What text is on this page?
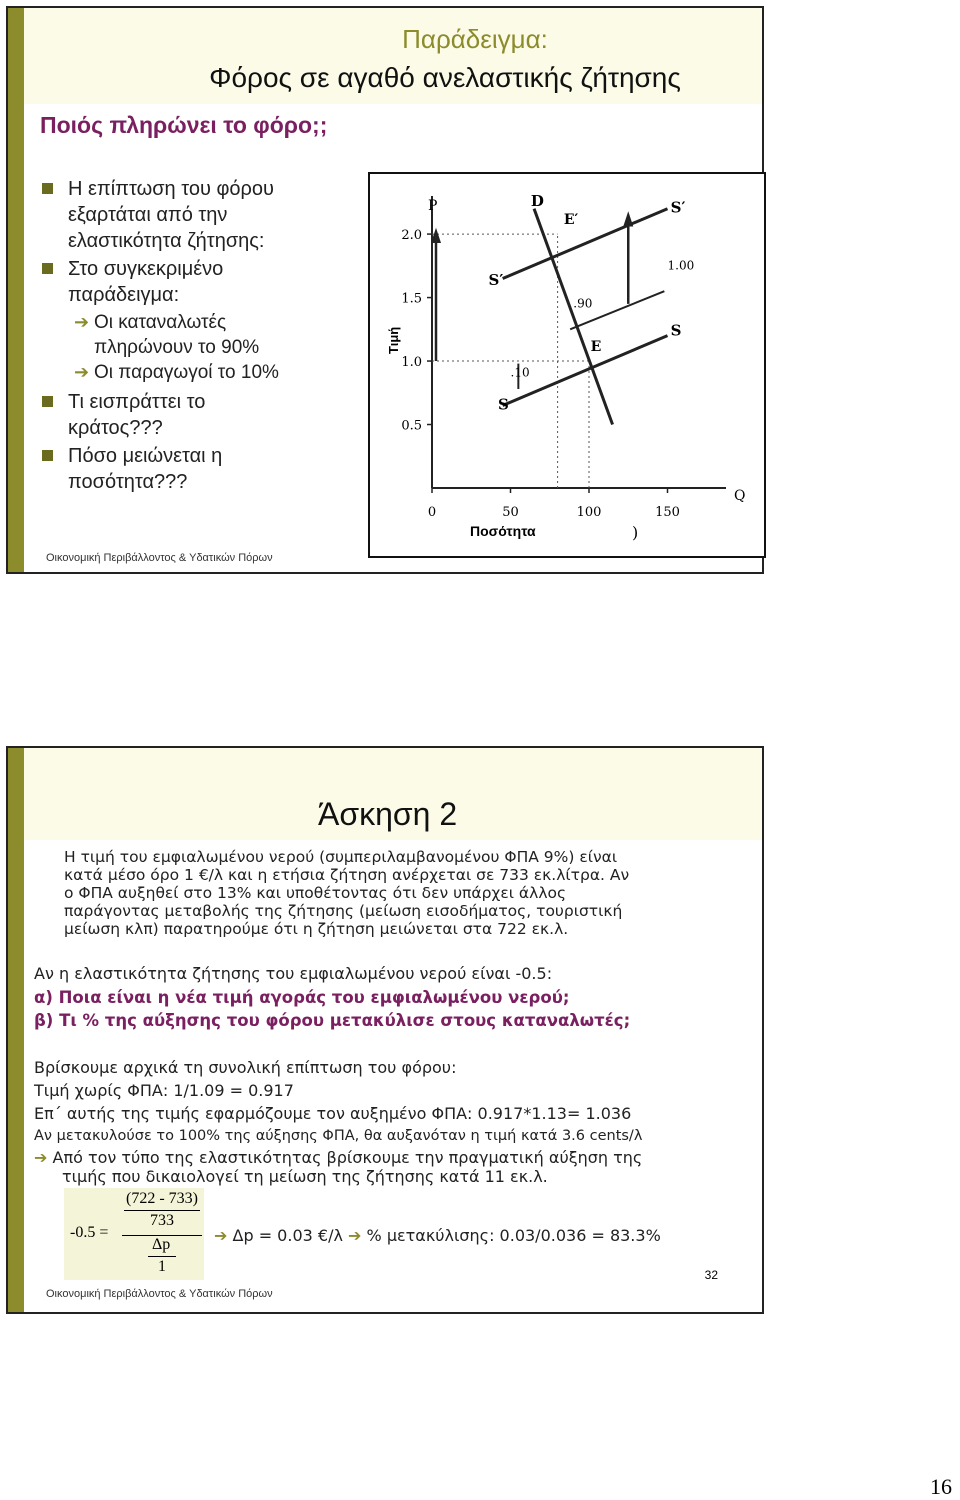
Παράδειγμα:
Φόρος σε αγαθό ανελαστικής ζήτησης
Ποιός πληρώνει το φόρο;;
Η επίπτωση του φόρου
εξαρτάται από την
ελαστικότητα ζήτησης:
Στο συγκεκριμένο
παράδειγμα:
➔ Οι καταναλωτές
πληρώνουν το 90%
➔ Οι παραγωγοί το 10%
Τι εισπράττει το
κράτος???
Πόσο μειώνεται η
ποσότητα???
Τιμή
Ποσότητα	)
P
Q
0	50	100	150
0.5
1.0
1.5
2.0
D
S
S
S′
S′
E
E′
.90
.10
1.00
Οικονομική Περιβάλλοντος & Υδατικών Πόρων
Άσκηση 2
Η τιμή του εμφιαλωμένου νερού (συμπεριλαμβανομένου ΦΠΑ 9%) είναι
κατά μέσο όρο 1 €/λ και η ετήσια ζήτηση ανέρχεται σε 733 εκ.λίτρα. Αν
ο ΦΠΑ αυξηθεί στο 13% και υποθέτοντας ότι δεν υπάρχει άλλος
παράγοντας μεταβολής της ζήτησης (μείωση εισοδήματος, τουριστική
μείωση κλπ) παρατηρούμε ότι η ζήτηση μειώνεται στα 722 εκ.λ.
Αν η ελαστικότητα ζήτησης του εμφιαλωμένου νερού είναι -0.5:
α) Ποια είναι η νέα τιμή αγοράς του εμφιαλωμένου νερού;
β) Τι % της αύξησης του φόρου μετακύλισε στους καταναλωτές;
Βρίσκουμε αρχικά τη συνολική επίπτωση του φόρου:
Τιμή χωρίς ΦΠΑ: 1/1.09 = 0.917
Επ΄ αυτής της τιμής εφαρμόζουμε τον αυξημένο ΦΠΑ: 0.917*1.13= 1.036
Αν μετακυλούσε το 100% της αύξησης ΦΠΑ, θα αυξανόταν η τιμή κατά 3.6 cents/λ
➔ Από τον τύπο της ελαστικότητας βρίσκουμε την πραγματική αύξηση της
τιμής που δικαιολογεί τη μείωση της ζήτησης κατά 11 εκ.λ.
(722 - 733)
733
-0.5 =
Δp
1
➔ Δp = 0.03 €/λ ➔ % μετακύλισης: 0.03/0.036 = 83.3%
32
Οικονομική Περιβάλλοντος & Υδατικών Πόρων
16
